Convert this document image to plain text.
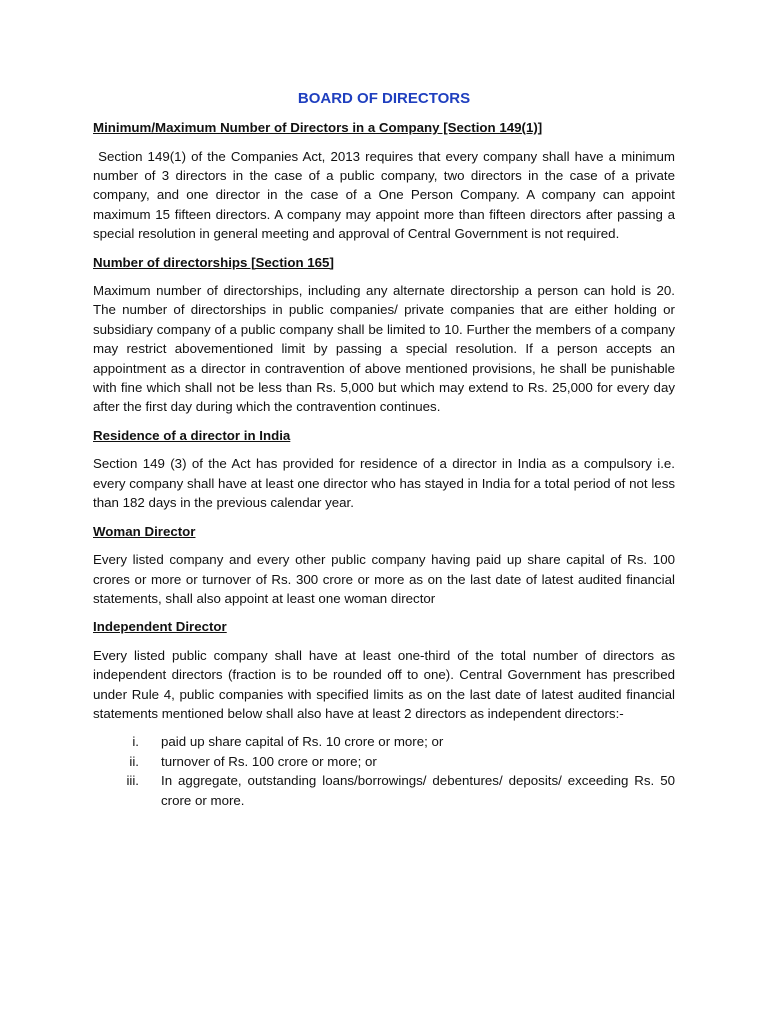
BOARD OF DIRECTORS
Minimum/Maximum Number of Directors in a Company [Section 149(1)]
Section 149(1) of the Companies Act, 2013 requires that every company shall have a minimum number of 3 directors in the case of a public company, two directors in the case of a private company, and one director in the case of a One Person Company. A company can appoint maximum 15 fifteen directors. A company may appoint more than fifteen directors after passing a special resolution in general meeting and approval of Central Government is not required.
Number of directorships [Section 165]
Maximum number of directorships, including any alternate directorship a person can hold is 20. The number of directorships in public companies/ private companies that are either holding or subsidiary company of a public company shall be limited to 10. Further the members of a company may restrict abovementioned limit by passing a special resolution. If a person accepts an appointment as a director in contravention of above mentioned provisions, he shall be punishable with fine which shall not be less than Rs. 5,000 but which may extend to Rs. 25,000 for every day after the first day during which the contravention continues.
Residence of a director in India
Section 149 (3) of the Act has provided for residence of a director in India as a compulsory i.e. every company shall have at least one director who has stayed in India for a total period of not less than 182 days in the previous calendar year.
Woman Director
Every listed company and every other public company having paid up share capital of Rs. 100 crores or more or turnover of Rs. 300 crore or more as on the last date of latest audited financial statements, shall also appoint at least one woman director
Independent Director
Every listed public company shall have at least one-third of the total number of directors as independent directors (fraction is to be rounded off to one). Central Government has prescribed under Rule 4, public companies with specified limits as on the last date of latest audited financial statements mentioned below shall also have at least 2 directors as independent directors:-
i. paid up share capital of Rs. 10 crore or more; or
ii. turnover of Rs. 100 crore or more; or
iii. In aggregate, outstanding loans/borrowings/ debentures/ deposits/ exceeding Rs. 50 crore or more.
